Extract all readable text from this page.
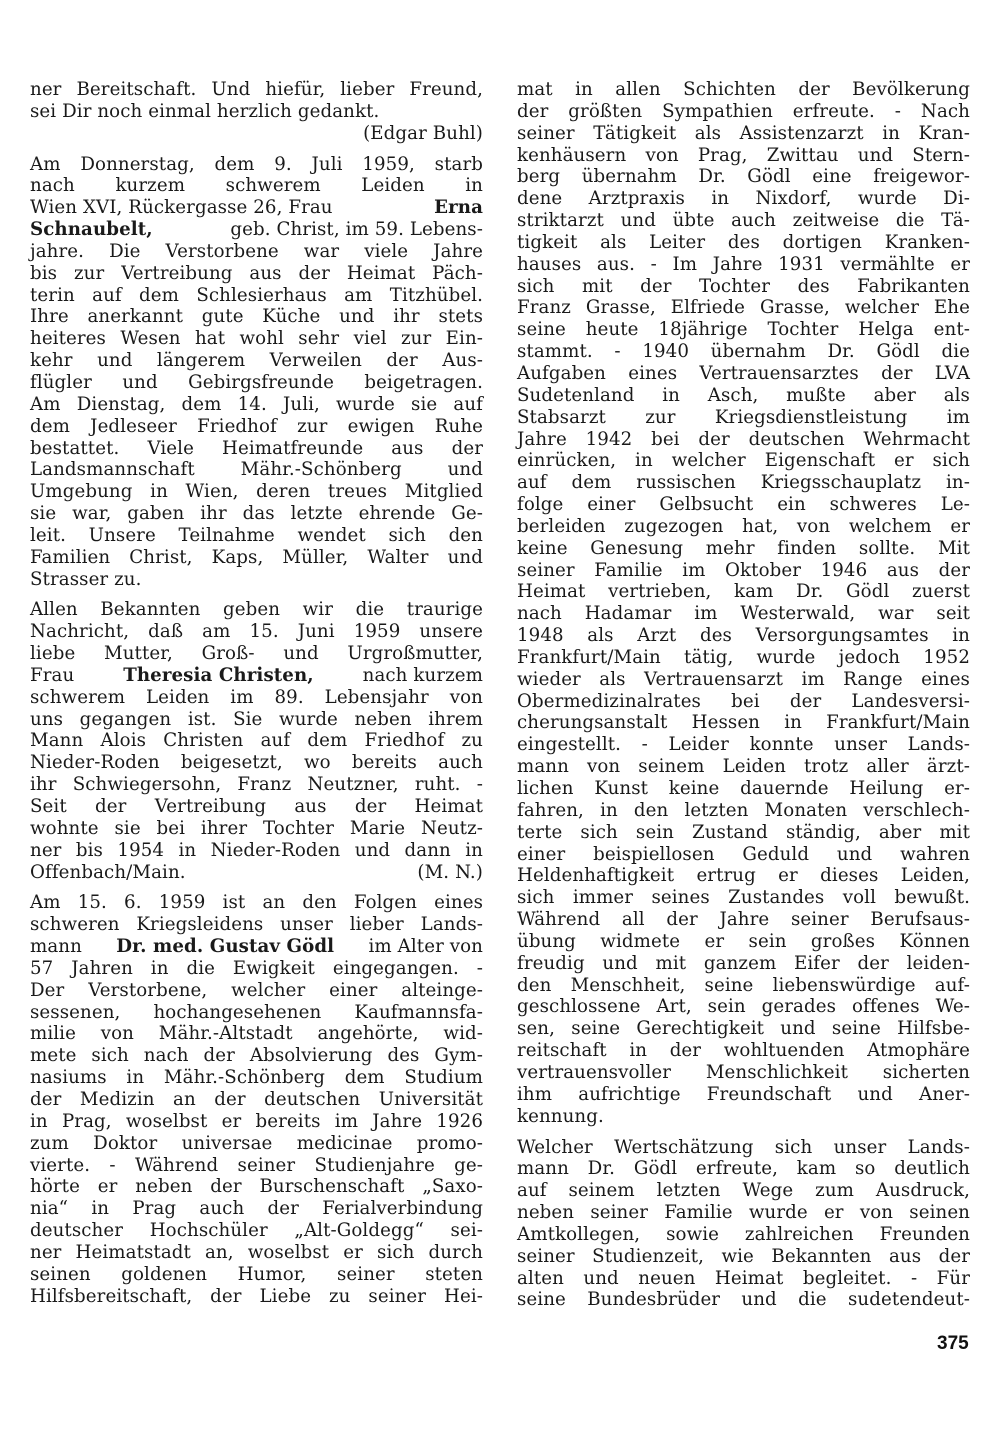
ner Bereitschaft. Und hiefür, lieber Freund,
sei Dir noch einmal herzlich gedankt.
(Edgar Buhl)
Am Donnerstag, dem 9. Juli 1959, starb
nach kurzem schwerem Leiden in
Wien XVI, Rückergasse 26, Frau	Erna
Schnaubelt,	geb. Christ, im 59. Lebens-
jahre. Die Verstorbene war viele Jahre
bis zur Vertreibung aus der Heimat Päch-
terin auf dem Schlesierhaus am Titzhübel.
Ihre anerkannt gute Küche und ihr stets
heiteres Wesen hat wohl sehr viel zur Ein-
kehr und längerem Verweilen der Aus-
flügler und Gebirgsfreunde beigetragen.
Am Dienstag, dem 14. Juli, wurde sie auf
dem Jedleseer Friedhof zur ewigen Ruhe
bestattet. Viele Heimatfreunde aus der
Landsmannschaft Mähr.-Schönberg und
Umgebung in Wien, deren treues Mitglied
sie war, gaben ihr das letzte ehrende Ge-
leit. Unsere Teilnahme wendet sich den
Familien Christ, Kaps, Müller, Walter und
Strasser zu.
Allen Bekannten geben wir die traurige
Nachricht, daß am 15. Juni 1959 unsere
liebe Mutter, Groß- und Urgroßmutter,
Frau	Theresia Christen,	nach kurzem
schwerem Leiden im 89. Lebensjahr von
uns gegangen ist. Sie wurde neben ihrem
Mann Alois Christen auf dem Friedhof zu
Nieder-Roden beigesetzt, wo bereits auch
ihr Schwiegersohn, Franz Neutzner, ruht. -
Seit der Vertreibung aus der Heimat
wohnte sie bei ihrer Tochter Marie Neutz-
ner bis 1954 in Nieder-Roden und dann in
Offenbach/Main.	(M. N.)
Am 15. 6. 1959 ist an den Folgen eines
schweren Kriegsleidens unser lieber Lands-
mann Dr. med. Gustav Gödl im Alter von
57 Jahren in die Ewigkeit eingegangen. -
Der Verstorbene, welcher einer alteinge-
sessenen, hochangesehenen Kaufmannsfa-
milie von Mähr.-Altstadt angehörte, wid-
mete sich nach der Absolvierung des Gym-
nasiums in Mähr.-Schönberg dem Studium
der Medizin an der deutschen Universität
in Prag, woselbst er bereits im Jahre 1926
zum Doktor universae medicinae promo-
vierte. - Während seiner Studienjahre ge-
hörte er neben der Burschenschaft „Saxo-
nia“ in Prag auch der Ferialverbindung
deutscher Hochschüler „Alt-Goldegg“ sei-
ner Heimatstadt an, woselbst er sich durch
seinen goldenen Humor, seiner steten
Hilfsbereitschaft, der Liebe zu seiner Hei-
mat in allen Schichten der Bevölkerung
der größten Sympathien erfreute. - Nach
seiner Tätigkeit als Assistenzarzt in Kran-
kenhäusern von Prag, Zwittau und Stern-
berg übernahm Dr. Gödl eine freigewor-
dene Arztpraxis in Nixdorf, wurde Di-
striktarzt und übte auch zeitweise die Tä-
tigkeit als Leiter des dortigen Kranken-
hauses aus. - Im Jahre 1931 vermählte er
sich mit der Tochter des Fabrikanten
Franz Grasse, Elfriede Grasse, welcher Ehe
seine heute 18jährige Tochter Helga ent-
stammt. - 1940 übernahm Dr. Gödl die
Aufgaben eines Vertrauensarztes der LVA
Sudetenland in Asch, mußte aber als
Stabsarzt zur Kriegsdienstleistung im
Jahre 1942 bei der deutschen Wehrmacht
einrücken, in welcher Eigenschaft er sich
auf dem russischen Kriegsschauplatz in-
folge einer Gelbsucht ein schweres Le-
berleiden zugezogen hat, von welchem er
keine Genesung mehr finden sollte. Mit
seiner Familie im Oktober 1946 aus der
Heimat vertrieben, kam Dr. Gödl zuerst
nach Hadamar im Westerwald, war seit
1948 als Arzt des Versorgungsamtes in
Frankfurt/Main tätig, wurde jedoch 1952
wieder als Vertrauensarzt im Range eines
Obermedizinalrates bei der Landesversi-
cherungsanstalt Hessen in Frankfurt/Main
eingestellt. - Leider konnte unser Lands-
mann von seinem Leiden trotz aller ärzt-
lichen Kunst keine dauernde Heilung er-
fahren, in den letzten Monaten verschlech-
terte sich sein Zustand ständig, aber mit
einer beispiellosen Geduld und wahren
Heldenhaftigkeit ertrug er dieses Leiden,
sich immer seines Zustandes voll bewußt.
Während all der Jahre seiner Berufsaus-
übung widmete er sein großes Können
freudig und mit ganzem Eifer der leiden-
den Menschheit, seine liebenswürdige auf-
geschlossene Art, sein gerades offenes We-
sen, seine Gerechtigkeit und seine Hilfsbe-
reitschaft in der wohltuenden Atmophäre
vertrauensvoller Menschlichkeit sicherten
ihm aufrichtige Freundschaft und Aner-
kennung.
Welcher Wertschätzung sich unser Lands-
mann Dr. Gödl erfreute, kam so deutlich
auf seinem letzten Wege zum Ausdruck,
neben seiner Familie wurde er von seinen
Amtkollegen, sowie zahlreichen Freunden
seiner Studienzeit, wie Bekannten aus der
alten und neuen Heimat begleitet. - Für
seine Bundesbrüder und die sudetendeut-
375
